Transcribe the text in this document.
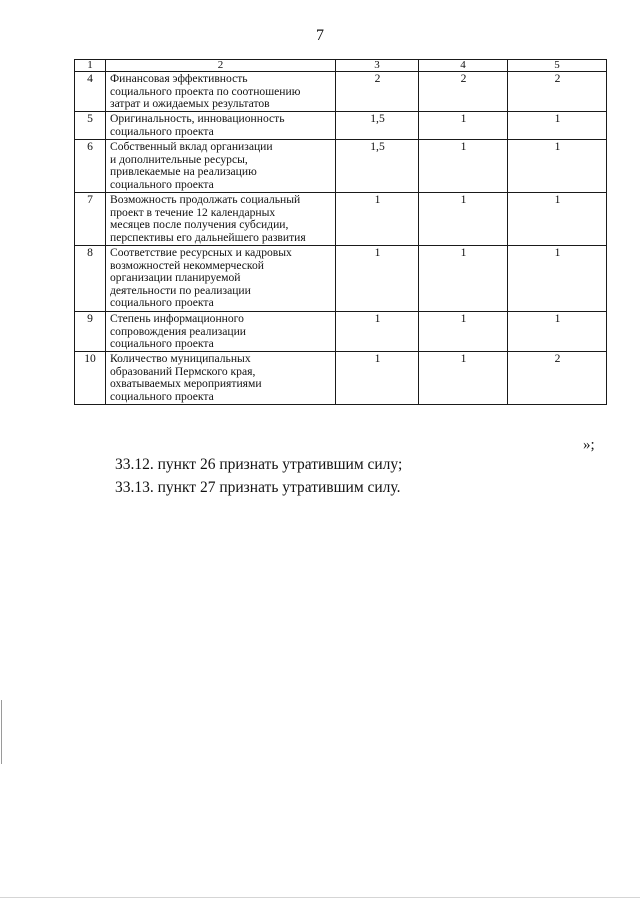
7
1	2	3	4	5
4	Финансовая эффективность
социального проекта по соотношению
затрат и ожидаемых результатов	2	2	2
5	Оригинальность, инновационность
социального проекта	1,5	1	1
6	Собственный вклад организации
и дополнительные ресурсы,
привлекаемые на реализацию
социального проекта	1,5	1	1
7	Возможность продолжать социальный
проект в течение 12 календарных
месяцев после получения субсидии,
перспективы его дальнейшего развития	1	1	1
8	Соответствие ресурсных и кадровых
возможностей некоммерческой
организации планируемой
деятельности по реализации
социального проекта	1	1	1
9	Степень информационного
сопровождения реализации
социального проекта	1	1	1
10	Количество муниципальных
образований Пермского края,
охватываемых мероприятиями
социального проекта	1	1	2
»;
33.12. пункт 26 признать утратившим силу;
33.13. пункт 27 признать утратившим силу.
